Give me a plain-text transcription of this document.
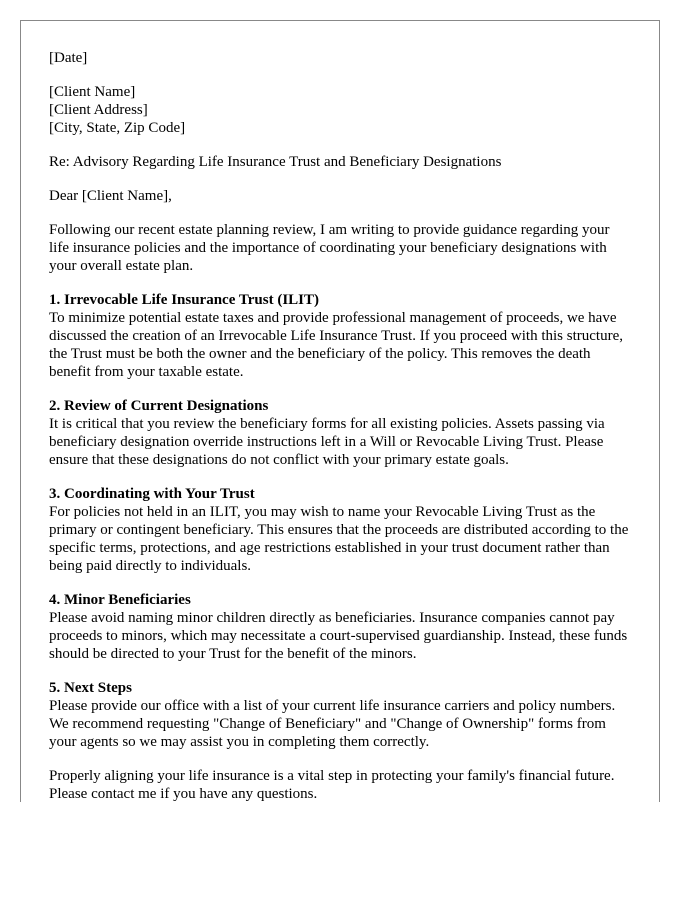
[Date]

[Client Name]
[Client Address]
[City, State, Zip Code]

Re: Advisory Regarding Life Insurance Trust and Beneficiary Designations

Dear [Client Name],

Following our recent estate planning review, I am writing to provide guidance regarding your life insurance policies and the importance of coordinating your beneficiary designations with your overall estate plan.

1. Irrevocable Life Insurance Trust (ILIT)
To minimize potential estate taxes and provide professional management of proceeds, we have discussed the creation of an Irrevocable Life Insurance Trust. If you proceed with this structure, the Trust must be both the owner and the beneficiary of the policy. This removes the death benefit from your taxable estate.
2. Review of Current Designations
It is critical that you review the beneficiary forms for all existing policies. Assets passing via beneficiary designation override instructions left in a Will or Revocable Living Trust. Please ensure that these designations do not conflict with your primary estate goals.
3. Coordinating with Your Trust
For policies not held in an ILIT, you may wish to name your Revocable Living Trust as the primary or contingent beneficiary. This ensures that the proceeds are distributed according to the specific terms, protections, and age restrictions established in your trust document rather than being paid directly to individuals.
4. Minor Beneficiaries
Please avoid naming minor children directly as beneficiaries. Insurance companies cannot pay proceeds to minors, which may necessitate a court-supervised guardianship. Instead, these funds should be directed to your Trust for the benefit of the minors.
5. Next Steps
Please provide our office with a list of your current life insurance carriers and policy numbers. We recommend requesting "Change of Beneficiary" and "Change of Ownership" forms from your agents so we may assist you in completing them correctly.

Properly aligning your life insurance is a vital step in protecting your family's financial future. Please contact me if you have any questions.
